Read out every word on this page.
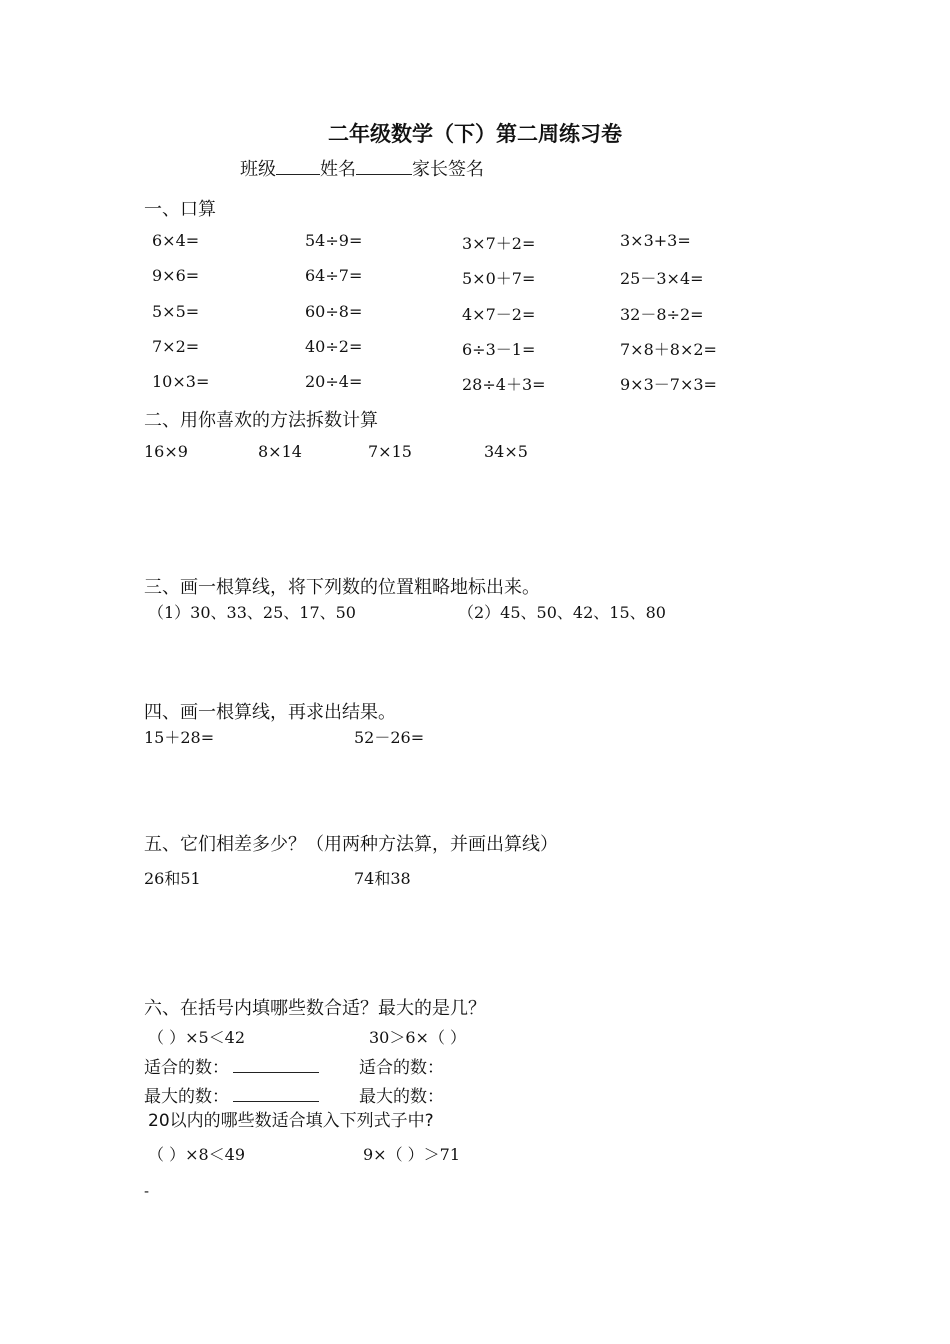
二年级数学（下）第二周练习卷
班级 姓名	家长签名
一、口算
6×4=	54÷9=	3×7＋2=	3×3+3=
9×6=	64÷7=	5×0＋7=	25－3×4=
5×5=	60÷8=	4×7－2=	32－8÷2=
7×2=	40÷2=	6÷3－1=	7×8＋8×2=
10×3=	20÷4=	28÷4＋3=	9×3－7×3=
二、用你喜欢的方法拆数计算
16×9	8×14	7×15	34×5
三、画一根算线，将下列数的位置粗略地标出来。
（1）30、33、25、17、50	（2）45、50、42、15、80
四、画一根算线，再求出结果。
15＋28=	52－26=
五、它们相差多少？（用两种方法算，并画出算线）
26和51	74和38
六、在括号内填哪些数合适？最大的是几？
（ ）×5＜42	30＞6×（ ）
适合的数：	适合的数：
最大的数：	最大的数：
20以内的哪些数适合填入下列式子中?
（ ）×8＜49	9×（ ）＞71
-
